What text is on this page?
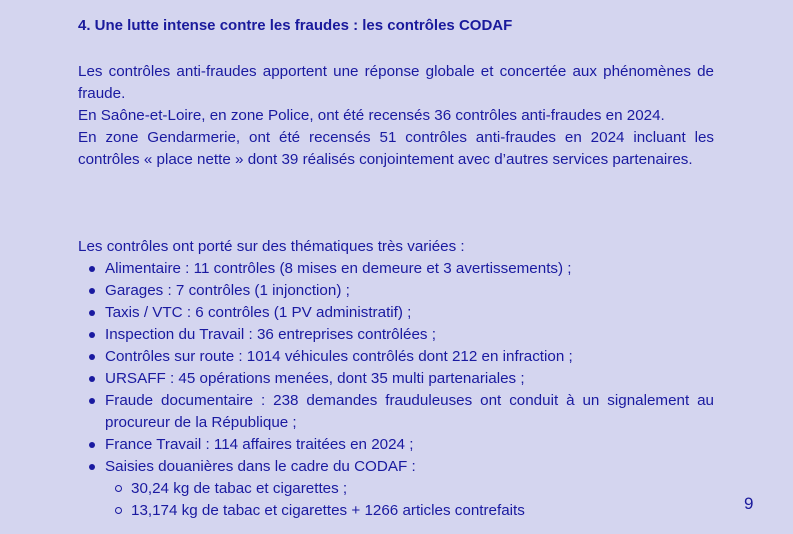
4. Une lutte intense contre les fraudes : les contrôles CODAF

Les contrôles anti-fraudes apportent une réponse globale et concertée aux phénomènes de fraude.

En Saône-et-Loire, en zone Police, ont été recensés 36 contrôles anti-fraudes en 2024.

En zone Gendarmerie, ont été recensés 51 contrôles anti-fraudes en 2024 incluant les contrôles « place nette » dont 39 réalisés conjointement avec d’autres services partenaires.

Les contrôles ont porté sur des thématiques très variées :
Alimentaire : 11 contrôles (8 mises en demeure et 3 avertissements) ;
Garages : 7 contrôles (1 injonction) ;
Taxis / VTC : 6 contrôles (1 PV administratif) ;
Inspection du Travail : 36 entreprises contrôlées ;
Contrôles sur route : 1014 véhicules contrôlés dont 212 en infraction ;
URSAFF : 45 opérations menées, dont 35 multi partenariales ;
Fraude documentaire : 238 demandes frauduleuses ont conduit à un signalement au procureur de la République ;
France Travail : 114 affaires traitées en 2024 ;
Saisies douanières dans le cadre du CODAF :
30,24 kg de tabac et cigarettes ;
13,174 kg de tabac et cigarettes + 1266 articles contrefaits	9
